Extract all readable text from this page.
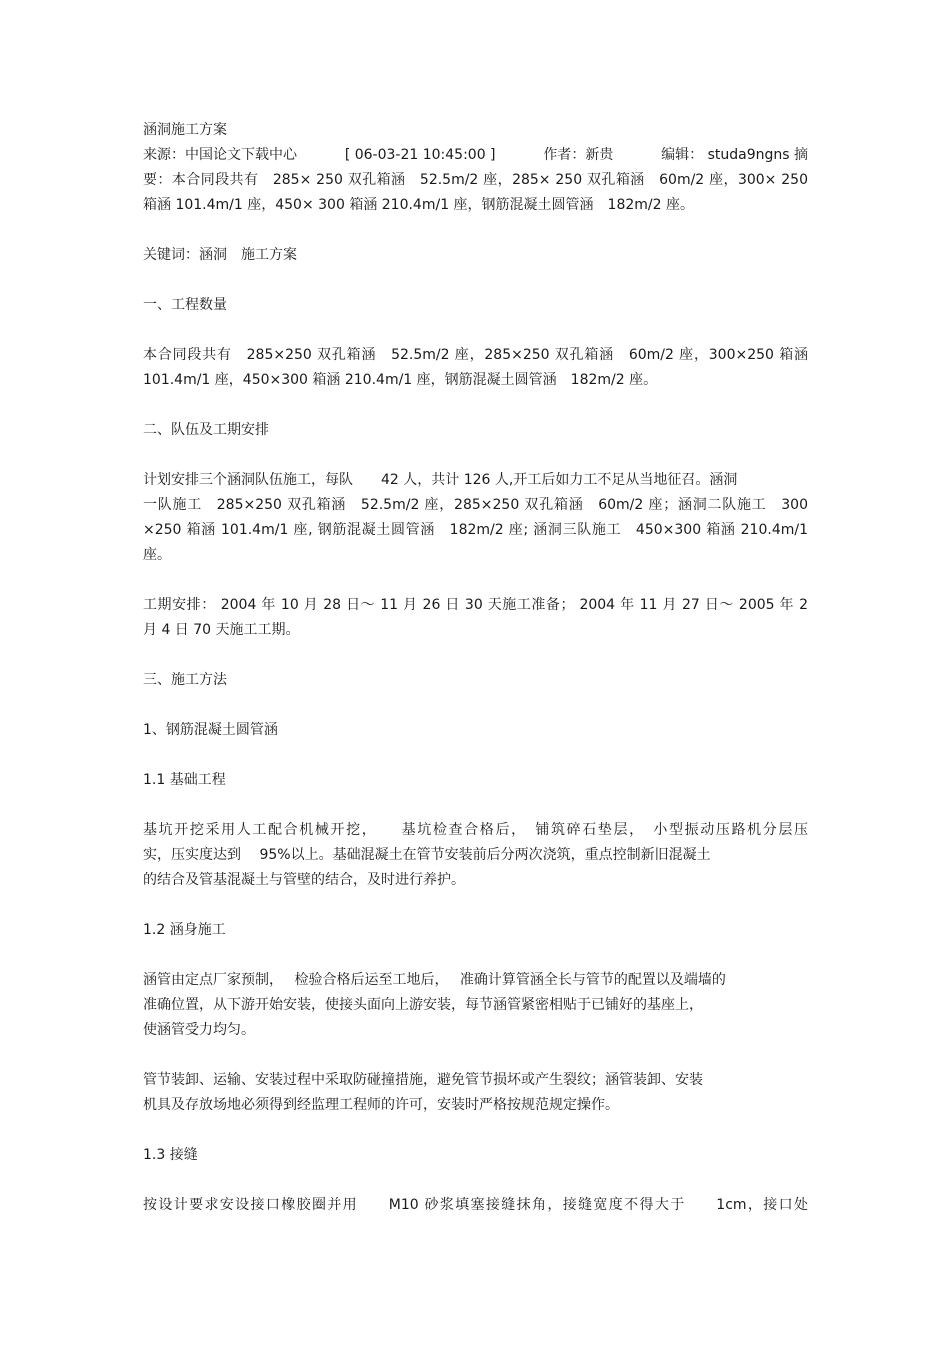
涵洞施工方案
来源：中国论文下载中心	[ 06-03-21 10:45:00 ]	作者：新贵	编辑： studa9ngns 摘
要：本合同段共有　285× 250 双孔箱涵　52.5m/2 座，285× 250 双孔箱涵　60m/2 座，300× 250
箱涵 101.4m/1 座，450× 300 箱涵 210.4m/1 座，钢筋混凝土圆管涵　182m/2 座。
关键词：涵洞　施工方案
一、工程数量
本合同段共有　285×250 双孔箱涵　52.5m/2 座，285×250 双孔箱涵　60m/2 座，300×250 箱涵
101.4m/1 座，450×300 箱涵 210.4m/1 座，钢筋混凝土圆管涵　182m/2 座。
二、队伍及工期安排
计划安排三个涵洞队伍施工，每队　　42 人，共计 126 人,开工后如力工不足从当地征召。涵洞
一队施工　285×250 双孔箱涵　52.5m/2 座，285×250 双孔箱涵　60m/2 座；涵洞二队施工　300
×250 箱涵 101.4m/1 座, 钢筋混凝土圆管涵　182m/2 座; 涵洞三队施工　450×300 箱涵 210.4m/1
座。
工期安排： 2004 年 10 月 28 日～ 11 月 26 日 30 天施工准备； 2004 年 11 月 27 日～ 2005 年 2
月 4 日 70 天施工工期。
三、施工方法
1、钢筋混凝土圆管涵
1.1 基础工程
基坑开挖采用人工配合机械开挖，　　基坑检查合格后，　铺筑碎石垫层，　小型振动压路机分层压
实，压实度达到　 95%以上。基础混凝土在管节安装前后分两次浇筑，重点控制新旧混凝土
的结合及管基混凝土与管壁的结合，及时进行养护。
1.2 涵身施工
涵管由定点厂家预制，　 检验合格后运至工地后，　 准确计算管涵全长与管节的配置以及端墙的
准确位置，从下游开始安装，使接头面向上游安装，每节涵管紧密相贴于已铺好的基座上，
使涵管受力均匀。
管节装卸、运输、安装过程中采取防碰撞措施，避免管节损坏或产生裂纹；涵管装卸、安装
机具及存放场地必须得到经监理工程师的许可，安装时严格按规范规定操作。
1.3 接缝
按设计要求安设接口橡胶圈并用　　M10 砂浆填塞接缝抹角，接缝宽度不得大于　　1cm，接口处
